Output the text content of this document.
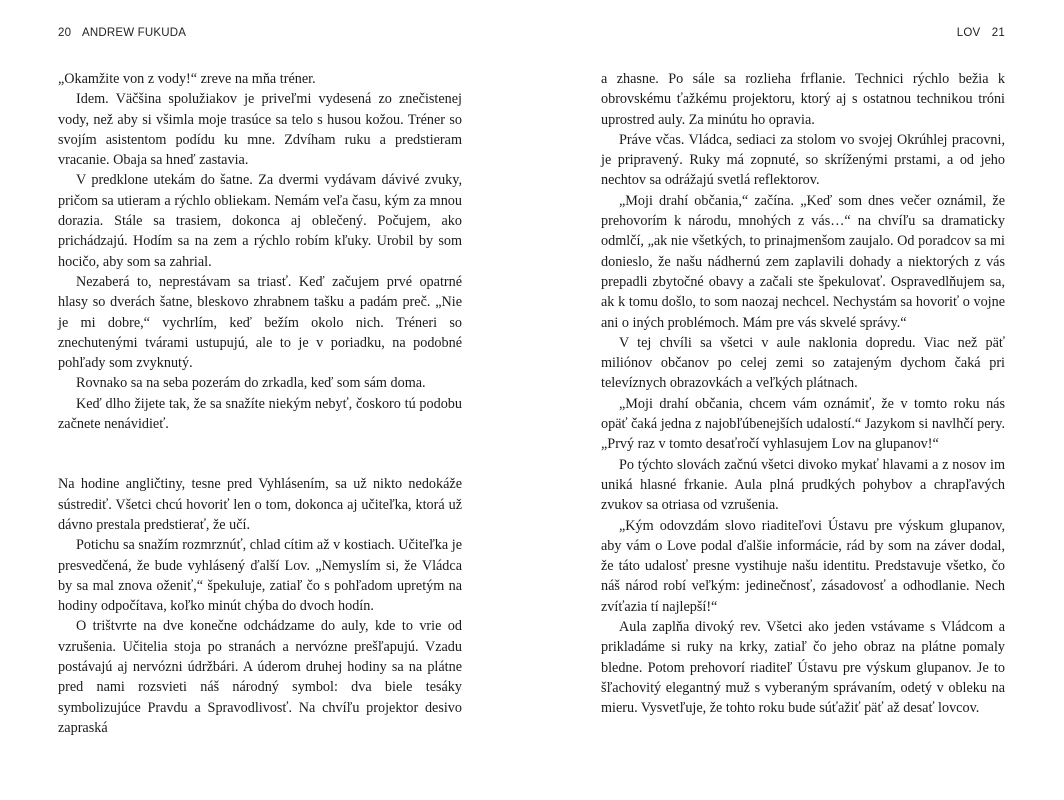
20 ANDREW FUKUDA

„Okamžite von z vody!“ zreve na mňa tréner.

Idem. Väčšina spolužiakov je priveľmi vydesená zo znečistenej vody, než aby si všimla moje trasúce sa telo s husou kožou. Tréner so svojím asistentom podídu ku mne. Zdvíham ruku a predstieram vracanie. Obaja sa hneď zastavia.

V predklone utekám do šatne. Za dvermi vydávam dávivé zvuky, pričom sa utieram a rýchlo obliekam. Nemám veľa času, kým za mnou dorazia. Stále sa trasiem, dokonca aj oblečený. Počujem, ako prichádzajú. Hodím sa na zem a rýchlo robím kľuky. Urobil by som hocičo, aby som sa zahrial.

Nezaberá to, neprestávam sa triasť. Keď začujem prvé opatrné hlasy so dverách šatne, bleskovo zhrabnem tašku a padám preč. „Nie je mi dobre,“ vychrlím, keď bežím okolo nich. Tréneri so znechutenými tvárami ustupujú, ale to je v poriadku, na podobné pohľady som zvyknutý.

Rovnako sa na seba pozerám do zrkadla, keď som sám doma.

Keď dlho žijete tak, že sa snažíte niekým nebyť, čoskoro tú podobu začnete nenávidieť.

Na hodine angličtiny, tesne pred Vyhlásením, sa už nikto nedokáže sústrediť. Všetci chcú hovoriť len o tom, dokonca aj učiteľka, ktorá už dávno prestala predstierať, že učí.

Potichu sa snažím rozmrznúť, chlad cítim až v kostiach. Učiteľka je presvedčená, že bude vyhlásený ďalší Lov. „Nemyslím si, že Vládca by sa mal znova oženiť,“ špekuluje, zatiaľ čo s pohľadom upretým na hodiny odpočítava, koľko minút chýba do dvoch hodín.

O trištvrte na dve konečne odchádzame do auly, kde to vrie od vzrušenia. Učitelia stoja po stranách a nervózne prešľapujú. Vzadu postávajú aj nervózni údržbári. A úderom druhej hodiny sa na plátne pred nami rozsvieti náš národný symbol: dva biele tesáky symbolizujúce Pravdu a Spravodlivosť. Na chvíľu projektor desivo zapraská

LOV 21

a zhasne. Po sále sa rozlieha frflanie. Technici rýchlo bežia k obrovskému ťažkému projektoru, ktorý aj s ostatnou technikou tróni uprostred auly. Za minútu ho opravia.

Práve včas. Vládca, sediaci za stolom vo svojej Okrúhlej pracovni, je pripravený. Ruky má zopnuté, so skríženými prstami, a od jeho nechtov sa odrážajú svetlá reflektorov.

„Moji drahí občania,“ začína. „Keď som dnes večer oznámil, že prehovorím k národu, mnohých z vás…“ na chvíľu sa dramaticky odmlčí, „ak nie všetkých, to prinajmenšom zaujalo. Od poradcov sa mi donieslo, že našu nádhernú zem zaplavili dohady a niektorých z vás prepadli zbytočné obavy a začali ste špekulovať. Ospravedlňujem sa, ak k tomu došlo, to som naozaj nechcel. Nechystám sa hovoriť o vojne ani o iných problémoch. Mám pre vás skvelé správy.“

V tej chvíli sa všetci v aule naklonia dopredu. Viac než päť miliónov občanov po celej zemi so zatajeným dychom čaká pri televíznych obrazovkách a veľkých plátnach.

„Moji drahí občania, chcem vám oznámiť, že v tomto roku nás opäť čaká jedna z najobľúbenejších udalostí.“ Jazykom si navlhčí pery. „Prvý raz v tomto desaťročí vyhlasujem Lov na glupanov!“

Po týchto slovách začnú všetci divoko mykať hlavami a z nosov im uniká hlasné frkanie. Aula plná prudkých pohybov a chrapľavých zvukov sa otriasa od vzrušenia.

„Kým odovzdám slovo riaditeľovi Ústavu pre výskum glupanov, aby vám o Love podal ďalšie informácie, rád by som na záver dodal, že táto udalosť presne vystihuje našu identitu. Predstavuje všetko, čo náš národ robí veľkým: jedinečnosť, zásadovosť a odhodlanie. Nech zvíťazia tí najlepší!“

Aula zaplňa divoký rev. Všetci ako jeden vstávame s Vládcom a prikladáme si ruky na krky, zatiaľ čo jeho obraz na plátne pomaly bledne. Potom prehovorí riaditeľ Ústavu pre výskum glupanov. Je to šľachovitý elegantný muž s vyberaným správaním, odetý v obleku na mieru. Vysvetľuje, že tohto roku bude súťažiť päť až desať lovcov.
